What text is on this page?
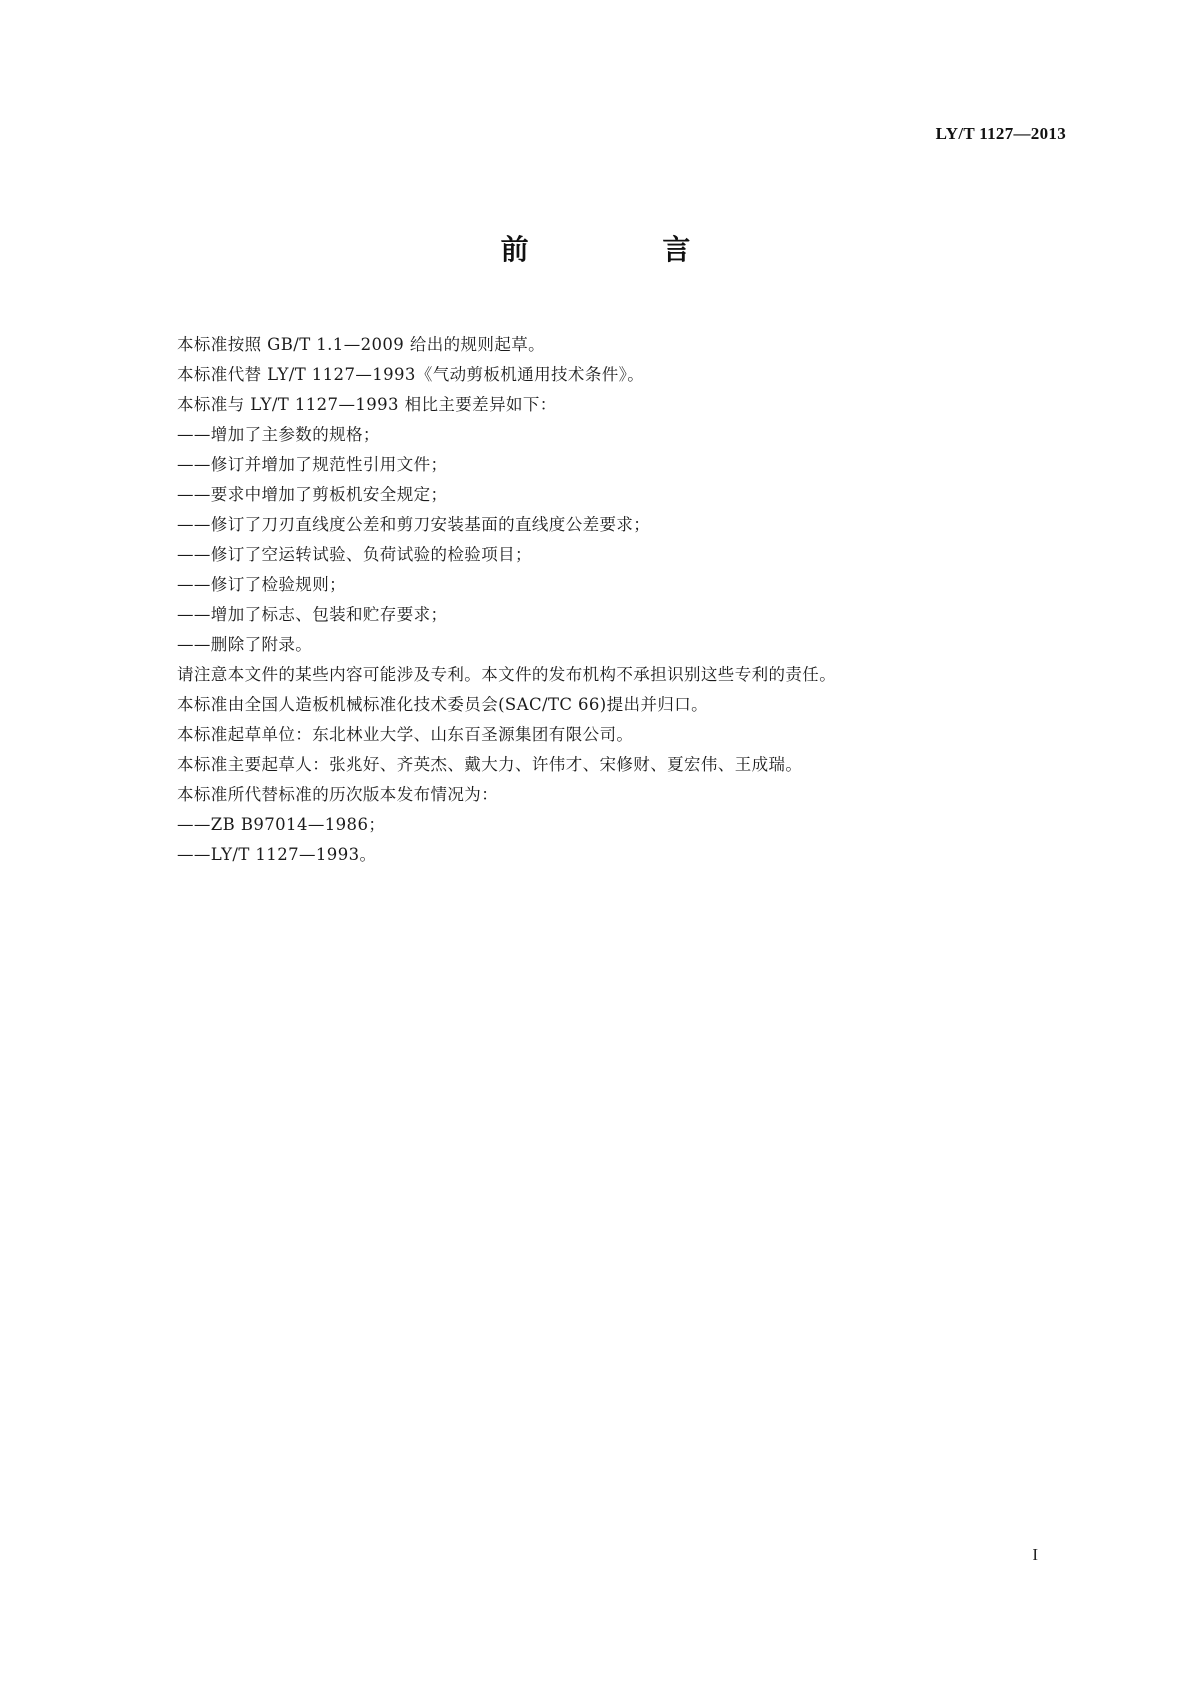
LY/T 1127—2013
前 言
本标准按照 GB/T 1.1—2009 给出的规则起草。
本标准代替 LY/T 1127—1993《气动剪板机通用技术条件》。
本标准与 LY/T 1127—1993 相比主要差异如下：
——增加了主参数的规格；
——修订并增加了规范性引用文件；
——要求中增加了剪板机安全规定；
——修订了刀刃直线度公差和剪刀安装基面的直线度公差要求；
——修订了空运转试验、负荷试验的检验项目；
——修订了检验规则；
——增加了标志、包装和贮存要求；
——删除了附录。
请注意本文件的某些内容可能涉及专利。本文件的发布机构不承担识别这些专利的责任。
本标准由全国人造板机械标准化技术委员会(SAC/TC 66)提出并归口。
本标准起草单位：东北林业大学、山东百圣源集团有限公司。
本标准主要起草人：张兆好、齐英杰、戴大力、许伟才、宋修财、夏宏伟、王成瑞。
本标准所代替标准的历次版本发布情况为：
——ZB B97014—1986；
——LY/T 1127—1993。
I
